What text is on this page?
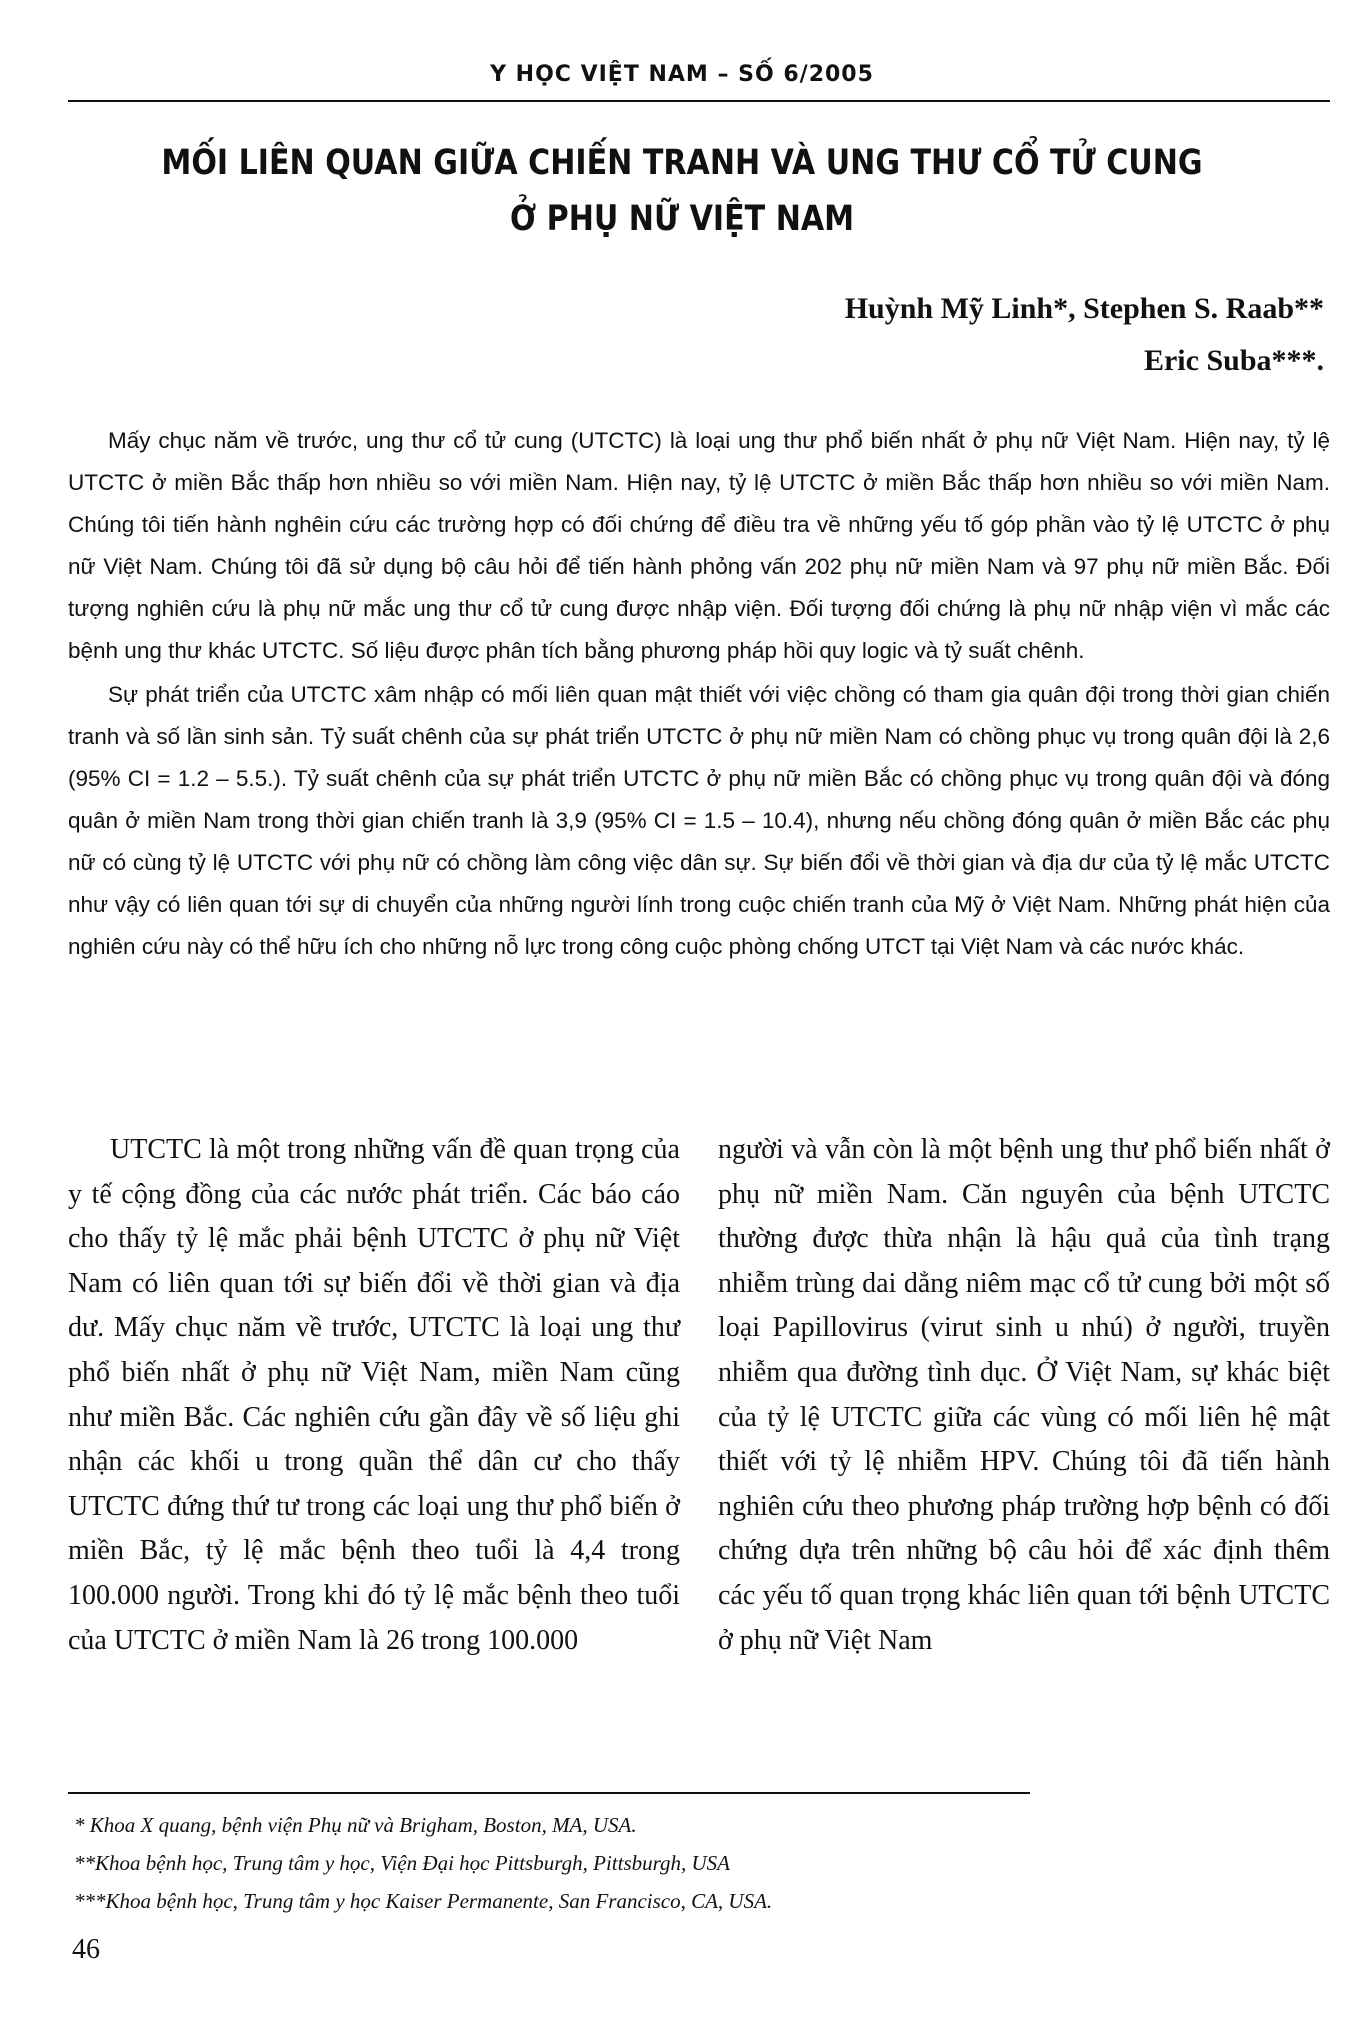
Y HỌC VIỆT NAM – SỐ 6/2005
MỐI LIÊN QUAN GIỮA CHIẾN TRANH VÀ UNG THƯ CỔ TỬ CUNG
Ở PHỤ NỮ VIỆT NAM
Huỳnh Mỹ Linh*, Stephen S. Raab**
Eric Suba***.

Mấy chục năm về trước, ung thư cổ tử cung (UTCTC) là loại ung thư phổ biến nhất ở phụ nữ Việt Nam. Hiện nay, tỷ lệ UTCTC ở miền Bắc thấp hơn nhiều so với miền Nam. Hiện nay, tỷ lệ UTCTC ở miền Bắc thấp hơn nhiều so với miền Nam. Chúng tôi tiến hành nghêin cứu các trường hợp có đối chứng để điều tra về những yếu tố góp phần vào tỷ lệ UTCTC ở phụ nữ Việt Nam. Chúng tôi đã sử dụng bộ câu hỏi để tiến hành phỏng vấn 202 phụ nữ miền Nam và 97 phụ nữ miền Bắc. Đối tượng nghiên cứu là phụ nữ mắc ung thư cổ tử cung được nhập viện. Đối tượng đối chứng là phụ nữ nhập viện vì mắc các bệnh ung thư khác UTCTC. Số liệu được phân tích bằng phương pháp hồi quy logic và tỷ suất chênh.

Sự phát triển của UTCTC xâm nhập có mối liên quan mật thiết với việc chồng có tham gia quân đội trong thời gian chiến tranh và số lần sinh sản. Tỷ suất chênh của sự phát triển UTCTC ở phụ nữ miền Nam có chồng phục vụ trong quân đội là 2,6 (95% CI = 1.2 – 5.5.). Tỷ suất chênh của sự phát triển UTCTC ở phụ nữ miền Bắc có chồng phục vụ trong quân đội và đóng quân ở miền Nam trong thời gian chiến tranh là 3,9 (95% CI = 1.5 – 10.4), nhưng nếu chồng đóng quân ở miền Bắc các phụ nữ có cùng tỷ lệ UTCTC với phụ nữ có chồng làm công việc dân sự. Sự biến đổi về thời gian và địa dư của tỷ lệ mắc UTCTC như vậy có liên quan tới sự di chuyển của những người lính trong cuộc chiến tranh của Mỹ ở Việt Nam. Những phát hiện của nghiên cứu này có thể hữu ích cho những nỗ lực trong công cuộc phòng chống UTCT tại Việt Nam và các nước khác.

UTCTC là một trong những vấn đề quan trọng của y tế cộng đồng của các nước phát triển. Các báo cáo cho thấy tỷ lệ mắc phải bệnh UTCTC ở phụ nữ Việt Nam có liên quan tới sự biến đổi về thời gian và địa dư. Mấy chục năm về trước, UTCTC là loại ung thư phổ biến nhất ở phụ nữ Việt Nam, miền Nam cũng như miền Bắc. Các nghiên cứu gần đây về số liệu ghi nhận các khối u trong quần thể dân cư cho thấy UTCTC đứng thứ tư trong các loại ung thư phổ biến ở miền Bắc, tỷ lệ mắc bệnh theo tuổi là 4,4 trong 100.000 người. Trong khi đó tỷ lệ mắc bệnh theo tuổi của UTCTC ở miền Nam là 26 trong 100.000

người và vẫn còn là một bệnh ung thư phổ biến nhất ở phụ nữ miền Nam. Căn nguyên của bệnh UTCTC thường được thừa nhận là hậu quả của tình trạng nhiễm trùng dai dẳng niêm mạc cổ tử cung bởi một số loại Papillovirus (virut sinh u nhú) ở người, truyền nhiễm qua đường tình dục. Ở Việt Nam, sự khác biệt của tỷ lệ UTCTC giữa các vùng có mối liên hệ mật thiết với tỷ lệ nhiễm HPV. Chúng tôi đã tiến hành nghiên cứu theo phương pháp trường hợp bệnh có đối chứng dựa trên những bộ câu hỏi để xác định thêm các yếu tố quan trọng khác liên quan tới bệnh UTCTC ở phụ nữ Việt Nam

* Khoa X quang, bệnh viện Phụ nữ và Brigham, Boston, MA, USA.
**Khoa bệnh học, Trung tâm y học, Viện Đại học Pittsburgh, Pittsburgh, USA
***Khoa bệnh học, Trung tâm y học Kaiser Permanente, San Francisco, CA, USA.
46
